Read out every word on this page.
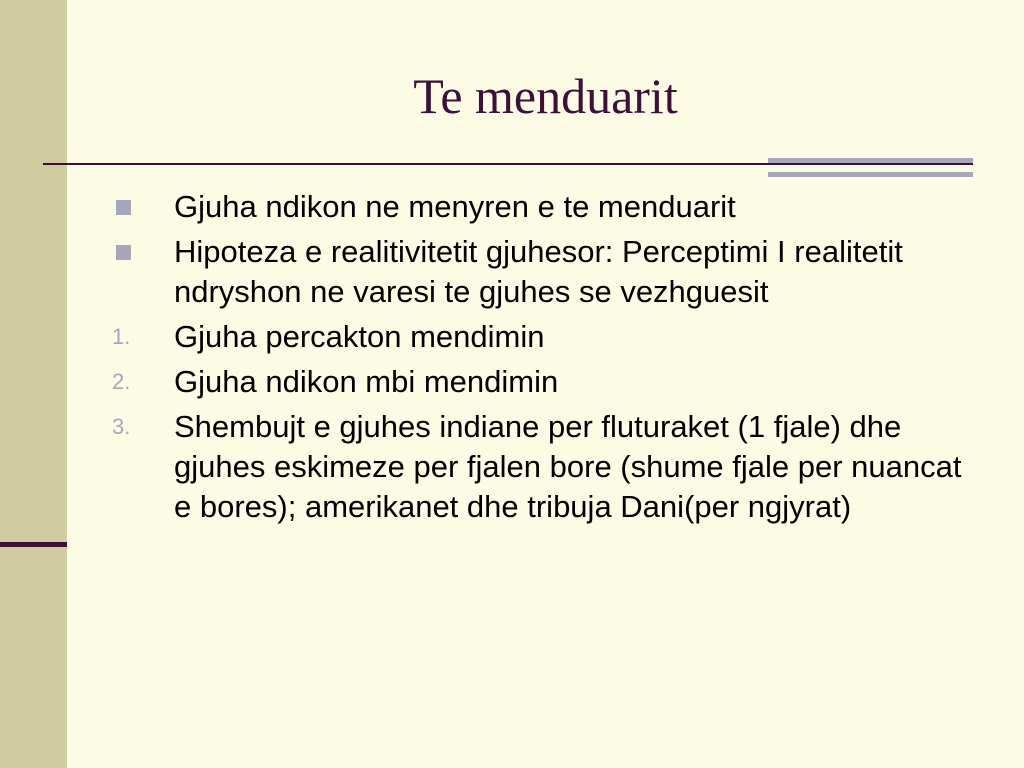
Te menduarit
Gjuha ndikon ne menyren e te menduarit
Hipoteza e realitivitetit gjuhesor: Perceptimi I realitetit ndryshon ne varesi te gjuhes se vezhguesit
1. Gjuha percakton mendimin
2. Gjuha ndikon mbi mendimin
3. Shembujt e gjuhes indiane per fluturaket (1 fjale) dhe gjuhes eskimeze per fjalen bore (shume fjale per nuancat e bores); amerikanet dhe tribuja Dani(per ngjyrat)
